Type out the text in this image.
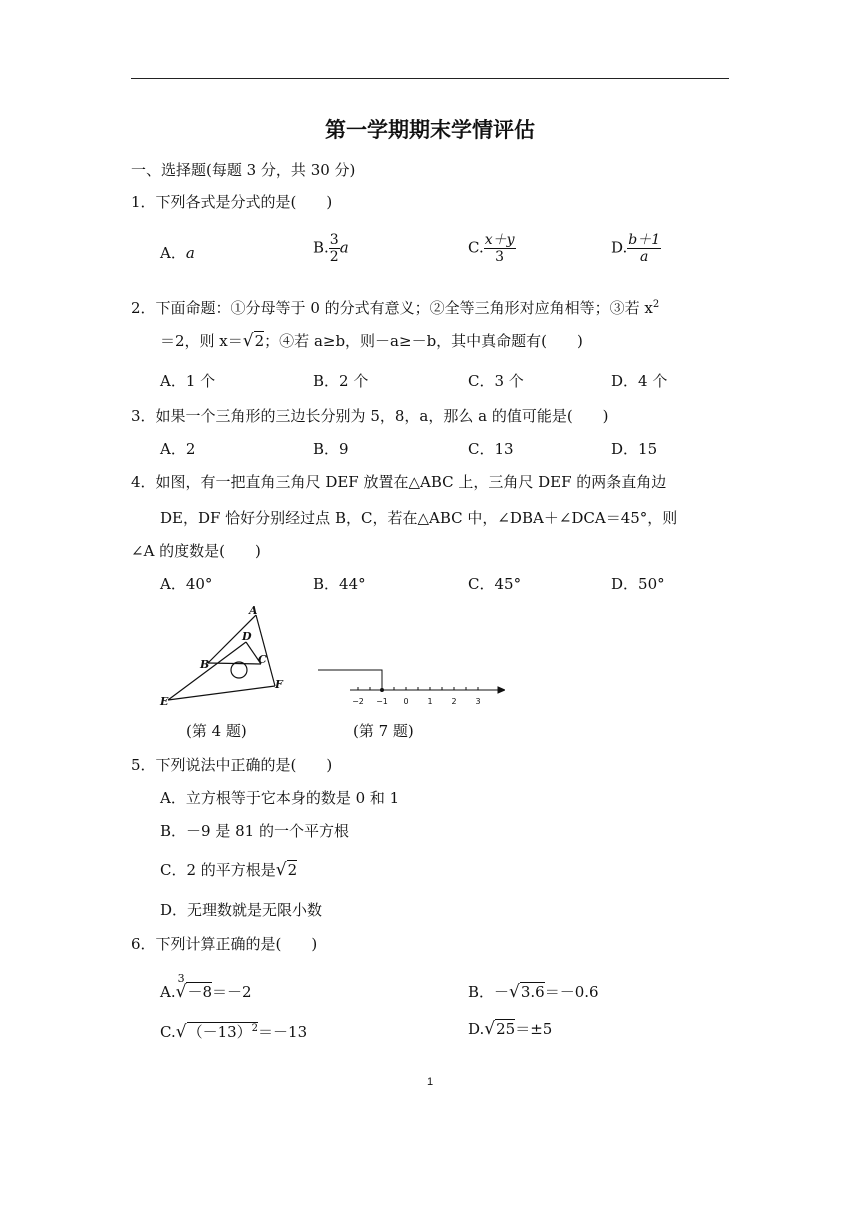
第一学期期末学情评估
一、选择题(每题 3 分，共 30 分)
1．下列各式是分式的是(　　)
A．a	B. $\frac{3}{2}$ a	C. $\frac{x+y}{3}$	D. $\frac{b+1}{a}$
2．下面命题：①分母等于 0 的分式有意义；②全等三角形对应角相等；③若 $x^2$
＝2，则 x＝√2；④若 a≥b，则－a≥－b，其中真命题有(　　)
A．1 个	B．2 个	C．3 个	D．4 个
3．如果一个三角形的三边长分别为 5，8，a，那么 a 的值可能是(　　)
A．2	B．9	C．13	D．15
4．如图，有一把直角三角尺 DEF 放置在△ABC 上，三角尺 DEF 的两条直角边
DE，DF 恰好分别经过点 B，C，若在△ABC 中，∠DBA＋∠DCA＝45°，则
∠A 的度数是(　　)
A．40°	B．44°	C．45°	D．50°
A
D
B	C
E
F
−2 −1 0 1 2 3
(第 4 题)	(第 7 题)
5．下列说法中正确的是(　　)
A．立方根等于它本身的数是 0 和 1
B．－9 是 81 的一个平方根
C．2 的平方根是√2
D．无理数就是无限小数
6．下列计算正确的是(　　)
A.
3
√－8＝－2	B．－√3.6＝－0.6
$C.√(-13)^2=-13$	D.√25＝±5
1
